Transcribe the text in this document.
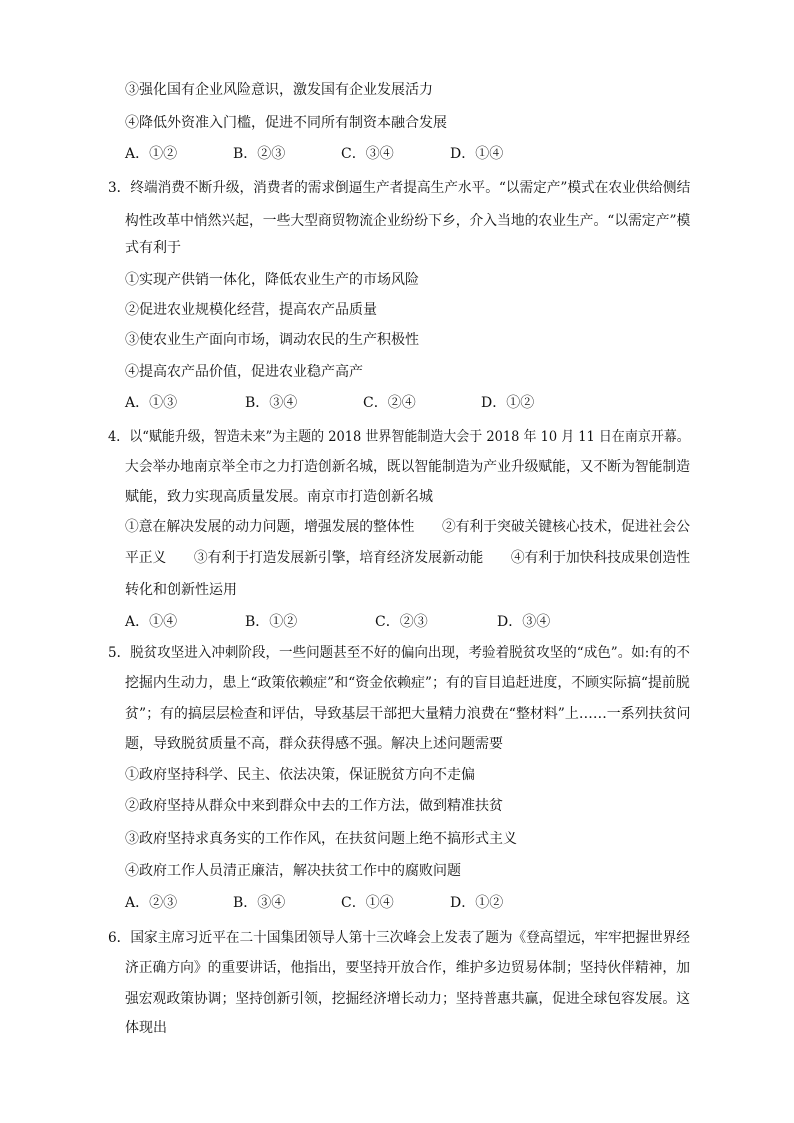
③强化国有企业风险意识，激发国有企业发展活力
④降低外资准入门槛，促进不同所有制资本融合发展
A．①②	B．②③	C．③④	D．①④
3．终端消费不断升级，消费者的需求倒逼生产者提高生产水平。“以需定产”模式在农业供给侧结
构性改革中悄然兴起，一些大型商贸物流企业纷纷下乡，介入当地的农业生产。“以需定产”模
式有利于
①实现产供销一体化，降低农业生产的市场风险
②促进农业规模化经营，提高农产品质量
③使农业生产面向市场，调动农民的生产积极性
④提高农产品价值，促进农业稳产高产
A．①③	B．③④	C．②④	D．①②
4．以“赋能升级，智造未来”为主题的 2018 世界智能制造大会于 2018 年 10 月 11 日在南京开幕。
大会举办地南京举全市之力打造创新名城，既以智能制造为产业升级赋能，又不断为智能制造
赋能，致力实现高质量发展。南京市打造创新名城
①意在解决发展的动力问题，增强发展的整体性　　②有利于突破关键核心技术，促进社会公
平正义　　③有利于打造发展新引擎，培育经济发展新动能　　④有利于加快科技成果创造性
转化和创新性运用
A．①④	B．①②	C．②③	D．③④
5．脱贫攻坚进入冲刺阶段，一些问题甚至不好的偏向出现，考验着脱贫攻坚的“成色”。如:有的不
挖掘内生动力，患上“政策依赖症”和“资金依赖症”；有的盲目追赶进度，不顾实际搞“提前脱
贫”；有的搞层层检查和评估，导致基层干部把大量精力浪费在“整材料”上……一系列扶贫问
题，导致脱贫质量不高，群众获得感不强。解决上述问题需要
①政府坚持科学、民主、依法决策，保证脱贫方向不走偏
②政府坚持从群众中来到群众中去的工作方法，做到精准扶贫
③政府坚持求真务实的工作作风，在扶贫问题上绝不搞形式主义
④政府工作人员清正廉洁，解决扶贫工作中的腐败问题
A．②③	B．③④	C．①④	D．①②
6．国家主席习近平在二十国集团领导人第十三次峰会上发表了题为《登高望远，牢牢把握世界经
济正确方向》的重要讲话，他指出，要坚持开放合作，维护多边贸易体制；坚持伙伴精神，加
强宏观政策协调；坚持创新引领，挖掘经济增长动力；坚持普惠共赢，促进全球包容发展。这
体现出
